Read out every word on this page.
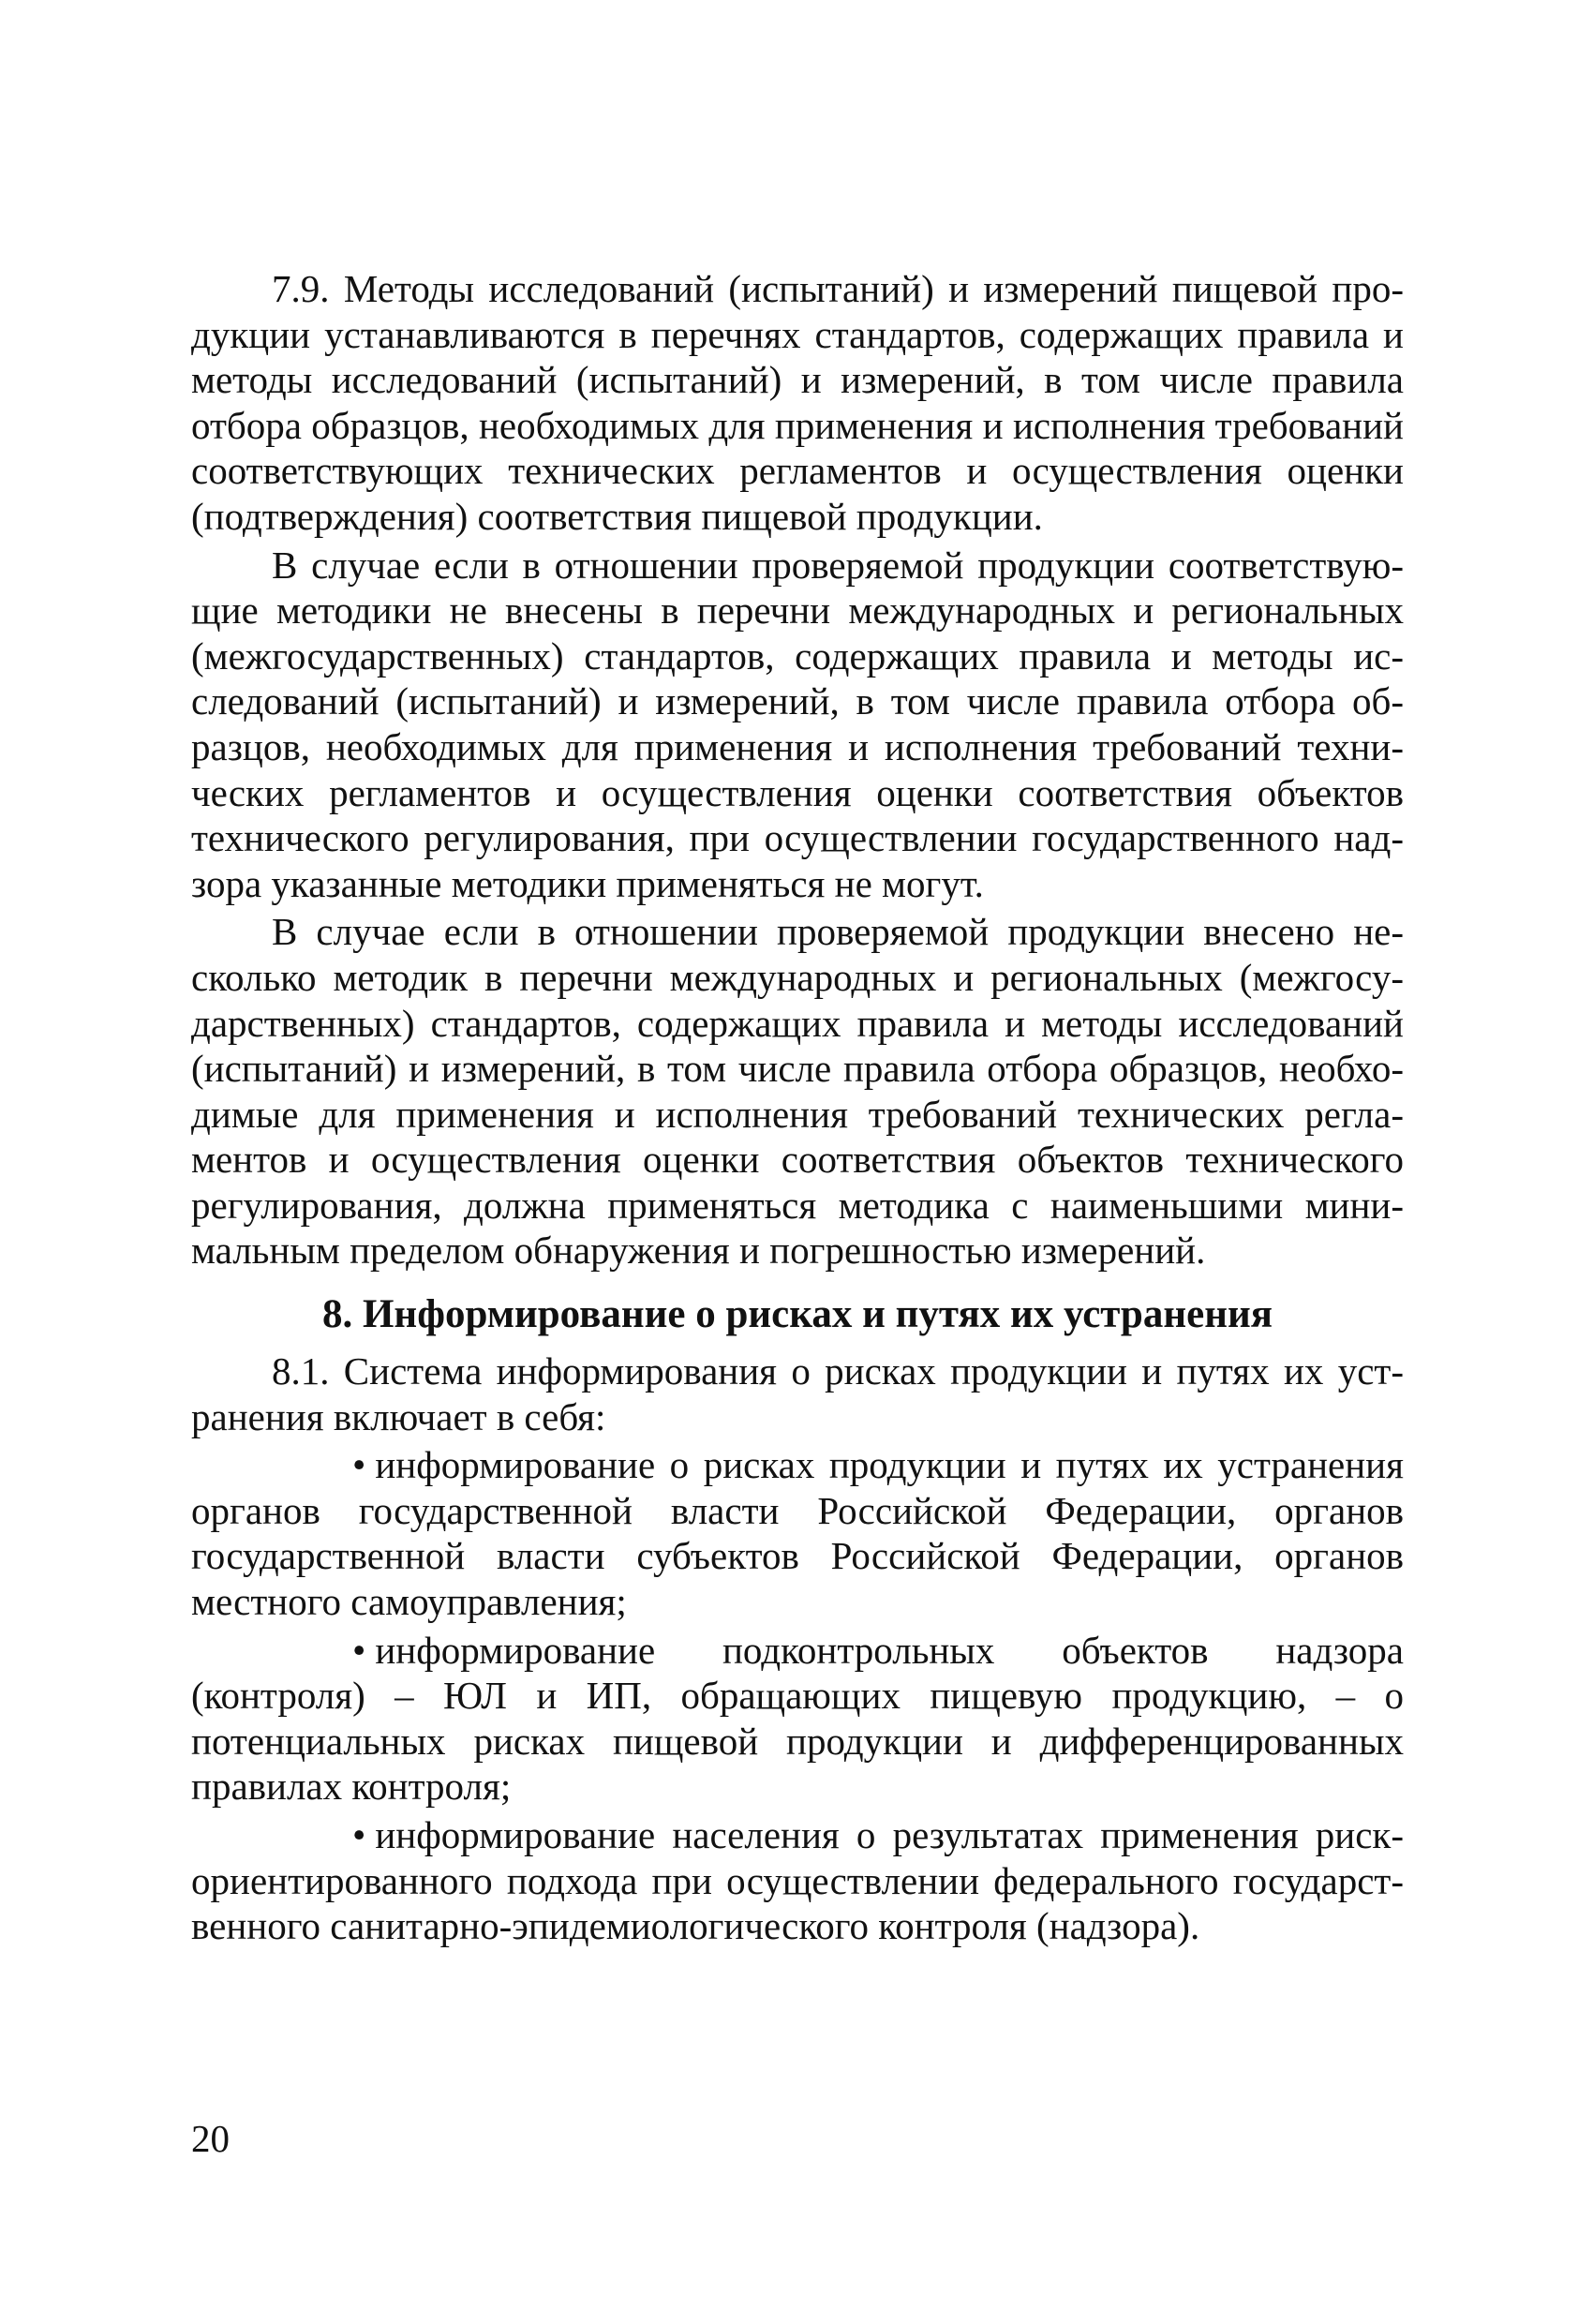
7.9. Методы исследований (испытаний) и измерений пищевой продукции устанавливаются в перечнях стандартов, содержащих правила и методы исследований (испытаний) и измерений, в том числе правила отбора образцов, необходимых для применения и исполнения требований соответствующих технических регламентов и осуществления оценки (подтверждения) соответствия пищевой продукции.

В случае если в отношении проверяемой продукции соответствующие методики не внесены в перечни международных и региональных (межгосударственных) стандартов, содержащих правила и методы исследований (испытаний) и измерений, в том числе правила отбора образцов, необходимых для применения и исполнения требований технических регламентов и осуществления оценки соответствия объектов технического регулирования, при осуществлении государственного надзора указанные методики применяться не могут.

В случае если в отношении проверяемой продукции внесено несколько методик в перечни международных и региональных (межгосударственных) стандартов, содержащих правила и методы исследований (испытаний) и измерений, в том числе правила отбора образцов, необходимые для применения и исполнения требований технических регламентов и осуществления оценки соответствия объектов технического регулирования, должна применяться методика с наименьшими минимальным пределом обнаружения и погрешностью измерений.

8. Информирование о рисках и путях их устранения

8.1. Система информирования о рисках продукции и путях их устранения включает в себя:

• информирование о рисках продукции и путях их устранения органов государственной власти Российской Федерации, органов государственной власти субъектов Российской Федерации, органов местного самоуправления;

• информирование подконтрольных объектов надзора (контроля) – ЮЛ и ИП, обращающих пищевую продукцию, – о потенциальных рисках пищевой продукции и дифференцированных правилах контроля;

• информирование населения о результатах применения риск-ориентированного подхода при осуществлении федерального государственного санитарно-эпидемиологического контроля (надзора).

20
